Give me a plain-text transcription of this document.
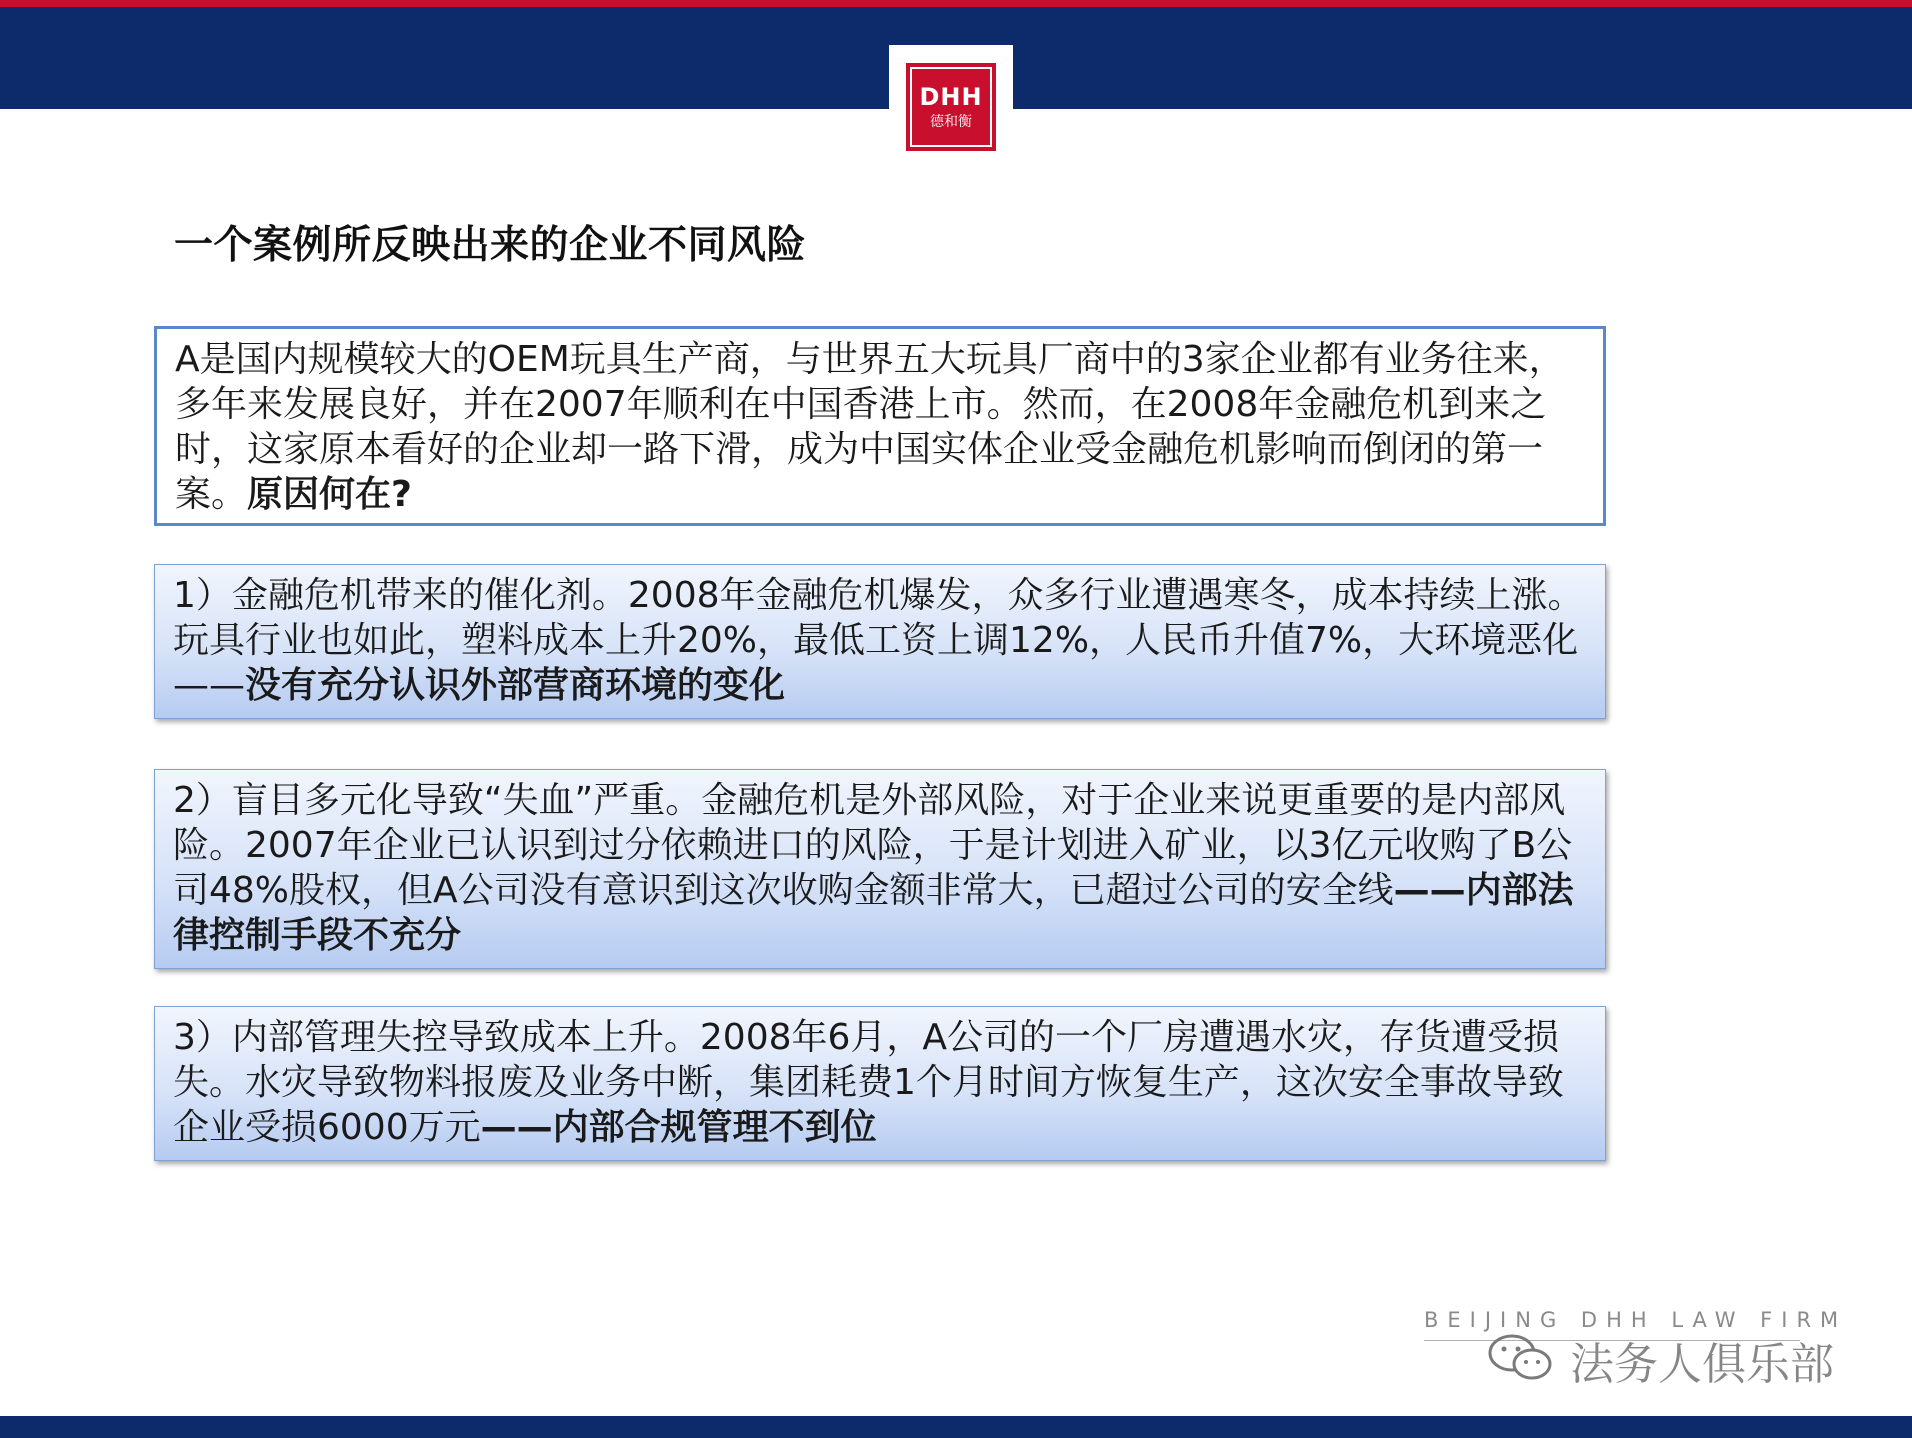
DHH
德和衡
一个案例所反映出来的企业不同风险
A是国内规模较大的OEM玩具生产商，与世界五大玩具厂商中的3家企业都有业务往来，多年来发展良好，并在2007年顺利在中国香港上市。然而，在2008年金融危机到来之时，这家原本看好的企业却一路下滑，成为中国实体企业受金融危机影响而倒闭的第一案。原因何在?
1）金融危机带来的催化剂。2008年金融危机爆发，众多行业遭遇寒冬，成本持续上涨。玩具行业也如此，塑料成本上升20%，最低工资上调12%，人民币升值7%，大环境恶化——没有充分认识外部营商环境的变化
2）盲目多元化导致“失血”严重。金融危机是外部风险，对于企业来说更重要的是内部风险。2007年企业已认识到过分依赖进口的风险，于是计划进入矿业，以3亿元收购了B公司48%股权，但A公司没有意识到这次收购金额非常大，已超过公司的安全线——内部法律控制手段不充分
3）内部管理失控导致成本上升。2008年6月，A公司的一个厂房遭遇水灾，存货遭受损失。水灾导致物料报废及业务中断，集团耗费1个月时间方恢复生产，这次安全事故导致企业受损6000万元——内部合规管理不到位
BEIJING DHH LAW FIRM
法务人俱乐部
